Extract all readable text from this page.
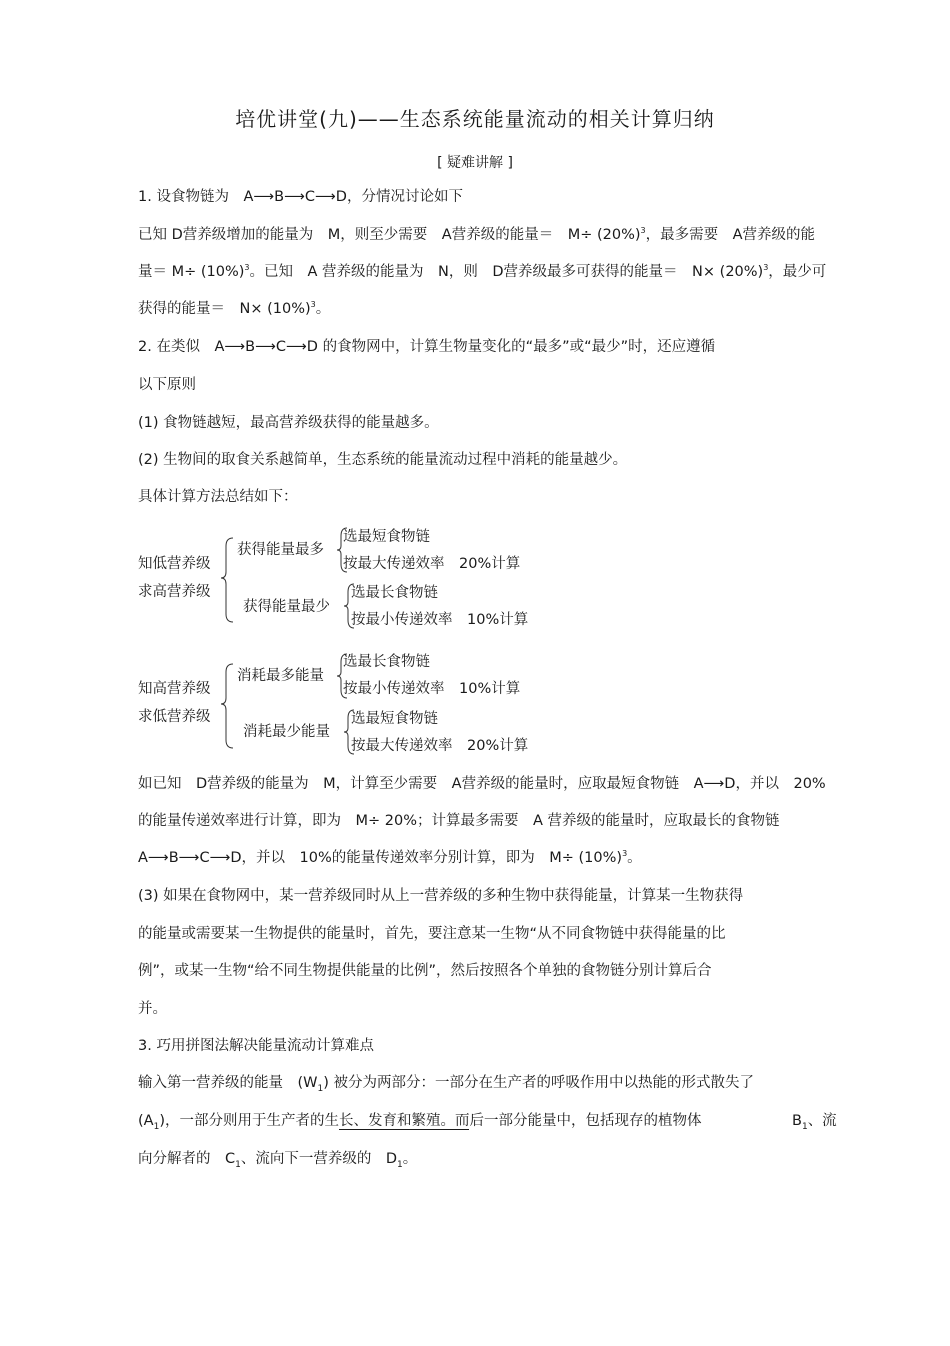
培优讲堂(九)——生态系统能量流动的相关计算归纳
[ 疑难讲解 ]
1. 设食物链为　A⟶B⟶C⟶D，分情况讨论如下
已知 D营养级增加的能量为　M，则至少需要　A营养级的能量＝　$M\div (20\%)^3$，最多需要　A营养级的能
量＝ $M\div (10\%)^3$。已知　A 营养级的能量为　N，则　D营养级最多可获得的能量＝　$N\times (20\%)^3$，最少可
获得的能量＝　$N\times (10\%)^3$。
2. 在类似　A⟶B⟶C⟶D 的食物网中，计算生物量变化的“最多”或“最少”时，还应遵循
以下原则
(1) 食物链越短，最高营养级获得的能量越多。
(2) 生物间的取食关系越简单，生态系统的能量流动过程中消耗的能量越少。
具体计算方法总结如下：
知低营养级
求高营养级
获得能量最多
选最短食物链
按最大传递效率　20%计算
获得能量最少
选最长食物链
按最小传递效率　10%计算
知高营养级
求低营养级
消耗最多能量
选最长食物链
按最小传递效率　10%计算
消耗最少能量
选最短食物链
按最大传递效率　20%计算
如已知　D营养级的能量为　M，计算至少需要　A营养级的能量时，应取最短食物链　A⟶D，并以　20%
的能量传递效率进行计算，即为　M÷ 20%；计算最多需要　A 营养级的能量时，应取最长的食物链
A⟶B⟶C⟶D，并以　10%的能量传递效率分别计算，即为　$M\div (10\%)^3$。
(3) 如果在食物网中，某一营养级同时从上一营养级的多种生物中获得能量，计算某一生物获得
的能量或需要某一生物提供的能量时，首先，要注意某一生物“从不同食物链中获得能量的比
例”，或某一生物“给不同生物提供能量的比例”，然后按照各个单独的食物链分别计算后合
并。
3. 巧用拼图法解决能量流动计算难点
输入第一营养级的能量　$(W_1)$ 被分为两部分：一部分在生产者的呼吸作用中以热能的形式散失了
$(A_1)$，一部分则用于生产者的生长、发育和繁殖。而后一部分能量中，包括现存的植物体	$B_1$、流
向分解者的　$C_1$、流向下一营养级的　$D_1$。
